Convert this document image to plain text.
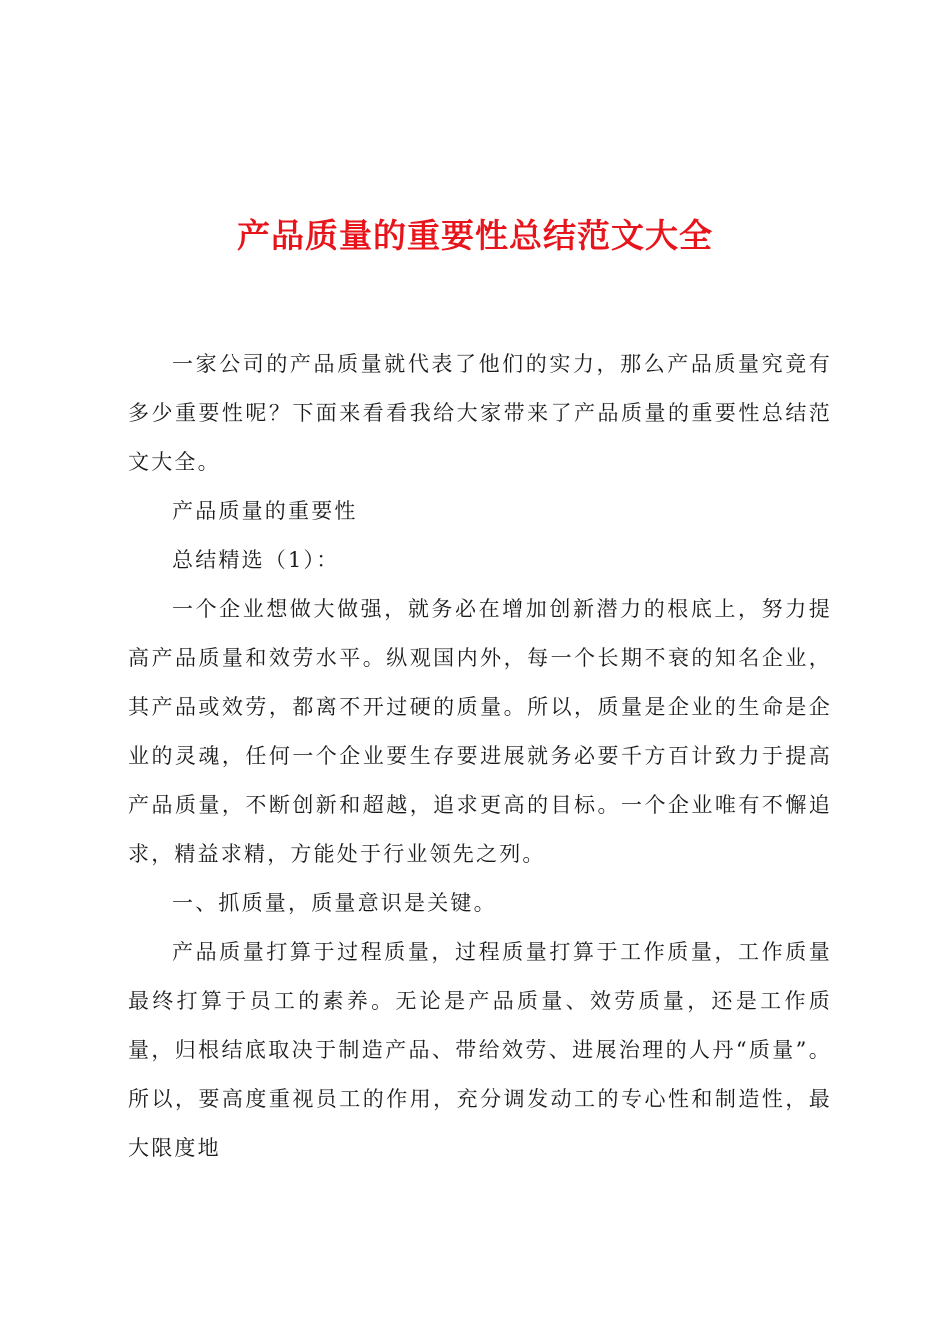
产品质量的重要性总结范文大全

一家公司的产品质量就代表了他们的实力，那么产品质量究竟有多少重要性呢？下面来看看我给大家带来了产品质量的重要性总结范文大全。

产品质量的重要性

总结精选（1）：

一个企业想做大做强，就务必在增加创新潜力的根底上，努力提高产品质量和效劳水平。纵观国内外，每一个长期不衰的知名企业，其产品或效劳，都离不开过硬的质量。所以，质量是企业的生命是企业的灵魂，任何一个企业要生存要进展就务必要千方百计致力于提高产品质量，不断创新和超越，追求更高的目标。一个企业唯有不懈追求，精益求精，方能处于行业领先之列。

一、抓质量，质量意识是关键。

产品质量打算于过程质量，过程质量打算于工作质量，工作质量最终打算于员工的素养。无论是产品质量、效劳质量，还是工作质量，归根结底取决于制造产品、带给效劳、进展治理的人丹“质量”。所以，要高度重视员工的作用，充分调发动工的专心性和制造性，最大限度地
